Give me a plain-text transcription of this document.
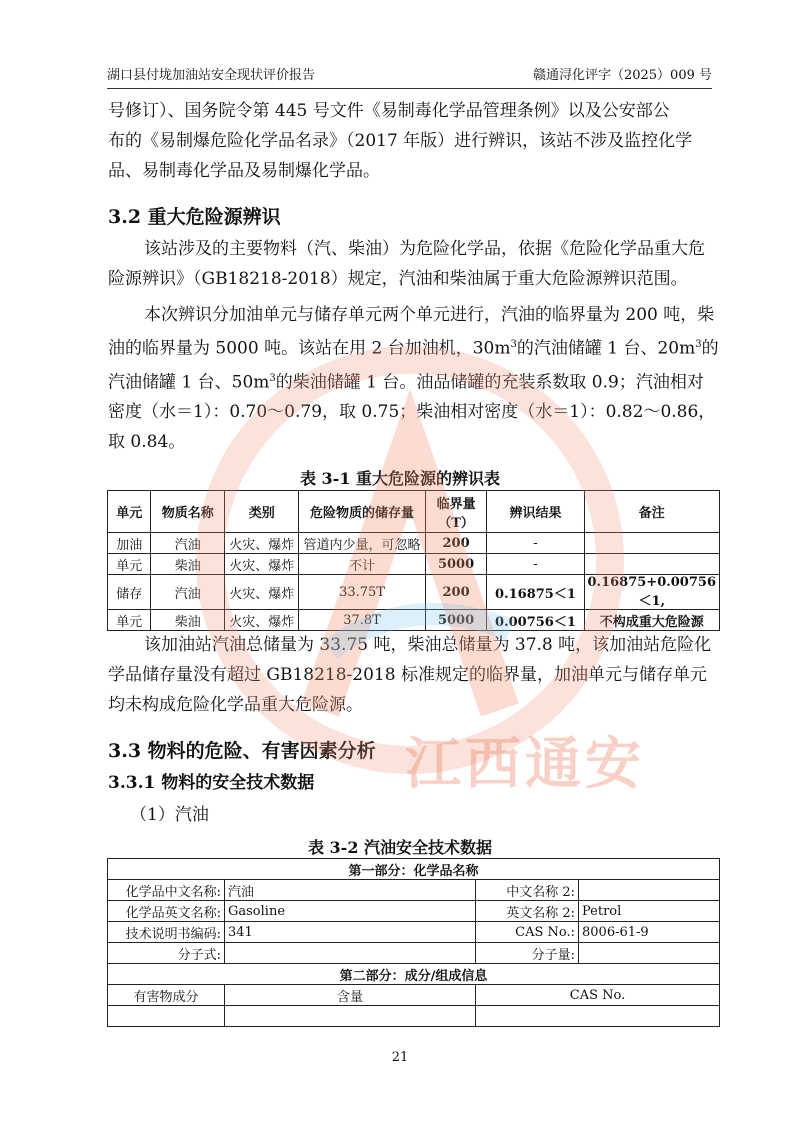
湖口县付垅加油站安全现状评价报告	赣通浔化评字（2025）009 号

号修订）、国务院令第 445 号文件《易制毒化学品管理条例》以及公安部公
布的《易制爆危险化学品名录》（2017 年版）进行辨识，该站不涉及监控化学
品、易制毒化学品及易制爆化学品。

3.2 重大危险源辨识

该站涉及的主要物料（汽、柴油）为危险化学品，依据《危险化学品重大危险源辨识》（GB18218-2018）规定，汽油和柴油属于重大危险源辨识范围。

本次辨识分加油单元与储存单元两个单元进行，汽油的临界量为 200 吨，柴油的临界量为 5000 吨。该站在用 2 台加油机，$30m^3$的汽油储罐 1 台、$20m^3$的汽油储罐 1 台、$50m^3$的柴油储罐 1 台。油品储罐的充装系数取 0.9；汽油相对密度（水＝1）：0.70～0.79，取 0.75；柴油相对密度（水＝1）：0.82～0.86，取 0.84。

表 3-1 重大危险源的辨识表

单元	物质名称	类别	危险物质的储存量	临界量（T）	辨识结果	备注
加油	汽油	火灾、爆炸	管道内少量，可忽略	200	-	
单元	柴油	火灾、爆炸	不计	5000	-	
储存	汽油	火灾、爆炸	33.75T	200	0.16875＜1	0.16875+0.00756＜1,
单元	柴油	火灾、爆炸	37.8T	5000	0.00756＜1	不构成重大危险源

该加油站汽油总储量为 33.75 吨，柴油总储量为 37.8 吨，该加油站危险化学品储存量没有超过 GB18218-2018 标准规定的临界量，加油单元与储存单元均未构成危险化学品重大危险源。

3.3 物料的危险、有害因素分析
3.3.1 物料的安全技术数据

（1）汽油

表 3-2 汽油安全技术数据

第一部分：化学品名称			
化学品中文名称:	汽油	中文名称 2:	
化学品英文名称:	Gasoline	英文名称 2:	Petrol
技术说明书编码:	341	CAS No.:	8006-61-9
分子式:		分子量:	
第二部分：成分/组成信息			
有害物成分	含量	CAS No.	

江西通安
21
